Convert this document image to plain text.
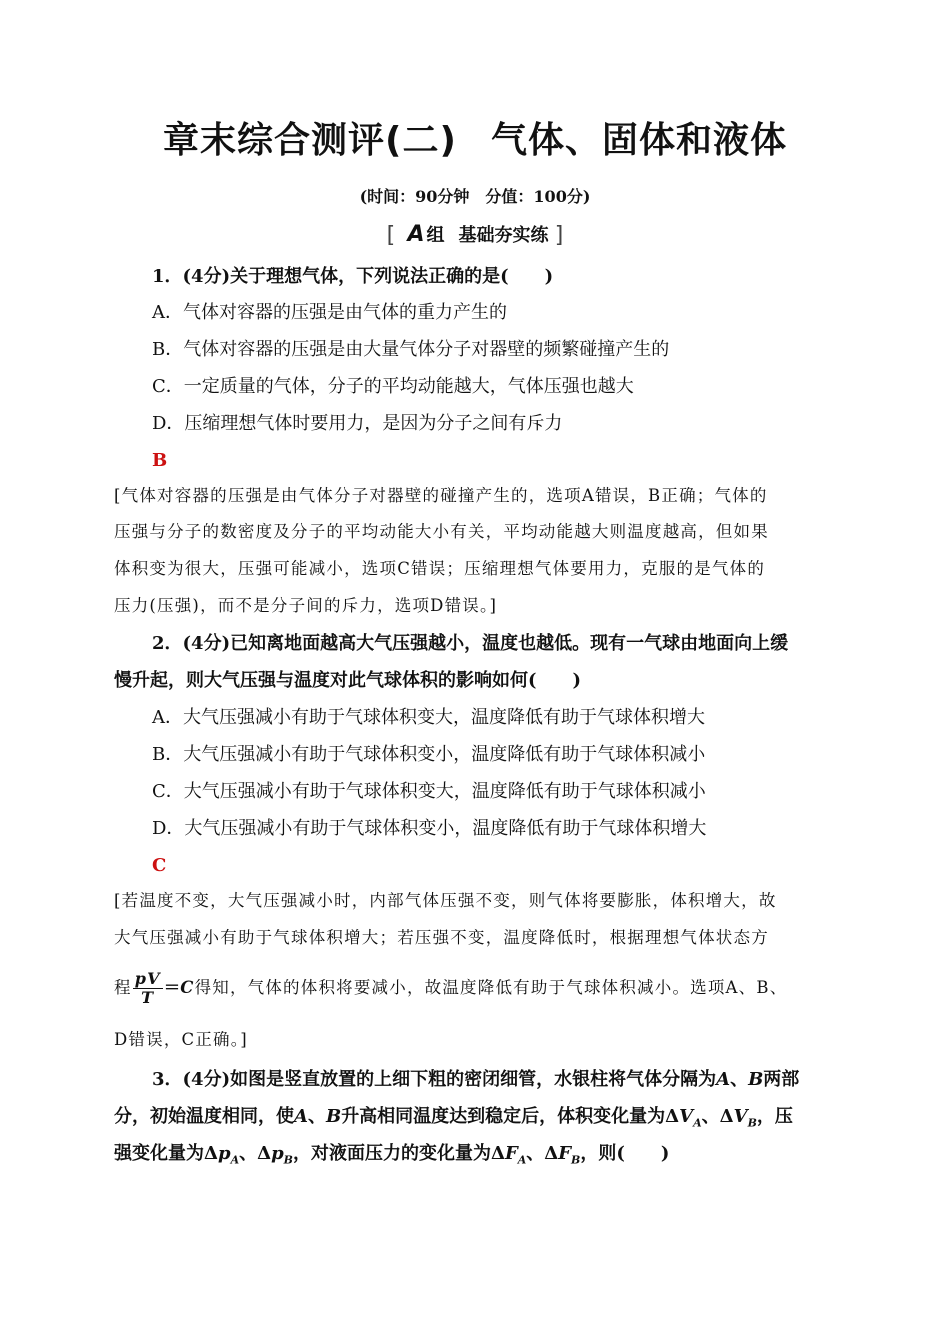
章末综合测评(二) 气体、固体和液体
(时间：90分钟 分值：100分)
[ A 组 基础夯实练 ]
1．(4分)关于理想气体，下列说法正确的是( )
A．气体对容器的压强是由气体的重力产生的
B．气体对容器的压强是由大量气体分子对器壁的频繁碰撞产生的
C．一定质量的气体，分子的平均动能越大，气体压强也越大
D．压缩理想气体时要用力，是因为分子之间有斥力
B
[气体对容器的压强是由气体分子对器壁的碰撞产生的，选项A错误，B正确；气体的
压强与分子的数密度及分子的平均动能大小有关，平均动能越大则温度越高，但如果
体积变为很大，压强可能减小，选项C错误；压缩理想气体要用力，克服的是气体的
压力(压强)，而不是分子间的斥力，选项D错误。]
2．(4分)已知离地面越高大气压强越小，温度也越低。现有一气球由地面向上缓
慢升起，则大气压强与温度对此气球体积的影响如何( )
A．大气压强减小有助于气球体积变大，温度降低有助于气球体积增大
B．大气压强减小有助于气球体积变小，温度降低有助于气球体积减小
C．大气压强减小有助于气球体积变大，温度降低有助于气球体积减小
D．大气压强减小有助于气球体积变小，温度降低有助于气球体积增大
C
[若温度不变，大气压强减小时，内部气体压强不变，则气体将要膨胀，体积增大，故
大气压强减小有助于气球体积增大；若压强不变，温度降低时，根据理想气体状态方
程 $\frac{pV}{T} =C$得知，气体的体积将要减小，故温度降低有助于气球体积减小。选项A、B、
D错误，C正确。]
3．(4分)如图是竖直放置的上细下粗的密闭细管，水银柱将气体分隔为A、B两部
分，初始温度相同，使A、B升高相同温度达到稳定后，体积变化量为$\Delta V_A$、$\Delta V_B$，压
强变化量为$\Delta p_A$、$\Delta p_B$，对液面压力的变化量为$\Delta F_A$、$\Delta F_B$，则( )
